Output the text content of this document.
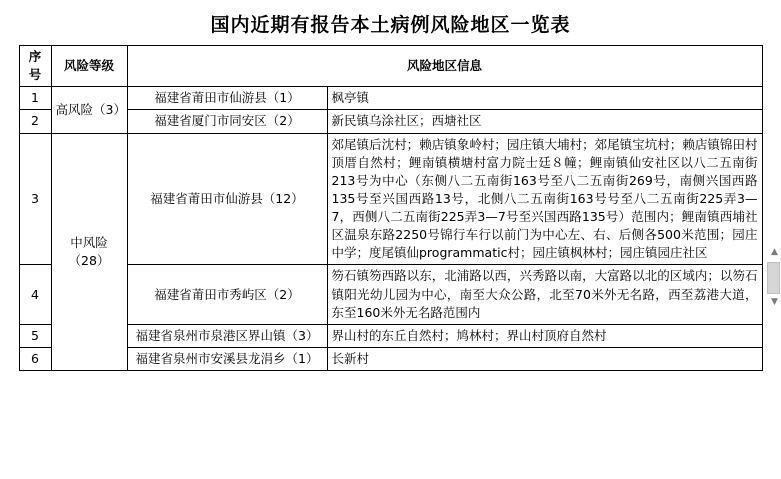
国内近期有报告本土病例风险地区一览表
序号	风险等级	风险地区信息	
1	高风险（3）	福建省莆田市仙游县（1）	枫亭镇
2		福建省厦门市同安区（2）	新民镇乌涂社区；西塘社区
3	中风险（28）	福建省莆田市仙游县（12）	郊尾镇后沈村；赖店镇象岭村；园庄镇大埔村；郊尾镇宝坑村；赖店镇锦田村顶厝自然村；鲤南镇横塘村富力院士廷８幢；鲤南镇仙安社区以八二五南街213号为中心（东侧八二五南街163号至八二五南街269号，南侧兴国西路135号至兴国西路13号，北侧八二五南街163号号至八二五南街225弄3—7，西侧八二五南街225弄3—7号至兴国西路135号）范围内；鲤南镇西埔社区温泉东路2250号锦行车行以前门为中心左、右、后侧各500米范围；园庄中学；度尾镇仙programmatic村；园庄镇枫林村；园庄镇园庄社区
4		福建省莆田市秀屿区（2）	笏石镇笏西路以东，北浦路以西，兴秀路以南，大富路以北的区域内；以笏石镇阳光幼儿园为中心，南至大众公路，北至70米外无名路，西至荔港大道，东至160米外无名路范围内
5		福建省泉州市泉港区界山镇（3）	界山村的东丘自然村；鸠林村；界山村顶府自然村
6		福建省泉州市安溪县龙涓乡（1）	长新村
▲
▼
